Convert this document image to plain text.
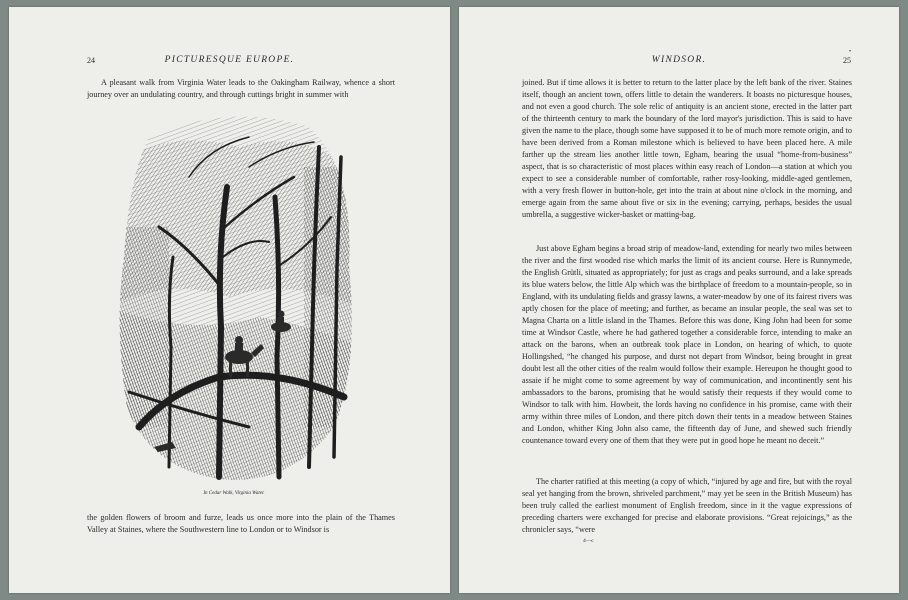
24	PICTURESQUE EUROPE.

A pleasant walk from Virginia Water leads to the Oakingham Railway, whence a short journey over an undulating country, and through cuttings bright in summer with

In Cedar Walk, Virginia Water.

the golden flowers of broom and furze, leads us once more into the plain of the Thames Valley at Staines, where the Southwestern line to London or to Windsor is

WINDSOR.	25

joined. But if time allows it is better to return to the latter place by the left bank of the river. Staines itself, though an ancient town, offers little to detain the wanderers. It boasts no picturesque houses, and not even a good church. The sole relic of antiquity is an ancient stone, erected in the latter part of the thirteenth century to mark the boundary of the lord mayor's jurisdiction. This is said to have given the name to the place, though some have supposed it to be of much more remote origin, and to have been derived from a Roman milestone which is believed to have been placed here. A mile farther up the stream lies another little town, Egham, bearing the usual “home-from-business” aspect, that is so characteristic of most places within easy reach of London—a station at which you expect to see a considerable number of comfortable, rather rosy-looking, middle-aged gentlemen, with a very fresh flower in button-hole, get into the train at about nine o'clock in the morning, and emerge again from the same about five or six in the evening; carrying, perhaps, besides the usual umbrella, a suggestive wicker-basket or matting-bag.

Just above Egham begins a broad strip of meadow-land, extending for nearly two miles between the river and the first wooded rise which marks the limit of its ancient course. Here is Runnymede, the English Grütli, situated as appropriately; for just as crags and peaks surround, and a lake spreads its blue waters below, the little Alp which was the birthplace of freedom to a mountain-people, so in England, with its undulating fields and grassy lawns, a water-meadow by one of its fairest rivers was aptly chosen for the place of meeting; and further, as became an insular people, the seal was set to Magna Charta on a little island in the Thames. Before this was done, King John had been for some time at Windsor Castle, where he had gathered together a considerable force, intending to make an attack on the barons, when an outbreak took place in London, on hearing of which, to quote Hollingshed, “he changed his purpose, and durst not depart from Windsor, being brought in great doubt lest all the other cities of the realm would follow their example. Hereupon he thought good to assaie if he might come to some agreement by way of communication, and incontinently sent his ambassadors to the barons, promising that he would satisfy their requests if they would come to Windsor to talk with him. Howbeit, the lords having no confidence in his promise, came with their army within three miles of London, and there pitch down their tents in a meadow between Staines and London, whither King John also came, the fifteenth day of June, and shewed such friendly countenance toward every one of them that they were put in good hope he meant no deceit.”

The charter ratified at this meeting (a copy of which, “injured by age and fire, but with the royal seal yet hanging from the brown, shriveled parchment,” may yet be seen in the British Museum) has been truly called the earliest monument of English freedom, since in it the vague expressions of preceding charters were exchanged for precise and elaborate provisions. “Great rejoicings,” as the chronicler says, “were

4—c
•
